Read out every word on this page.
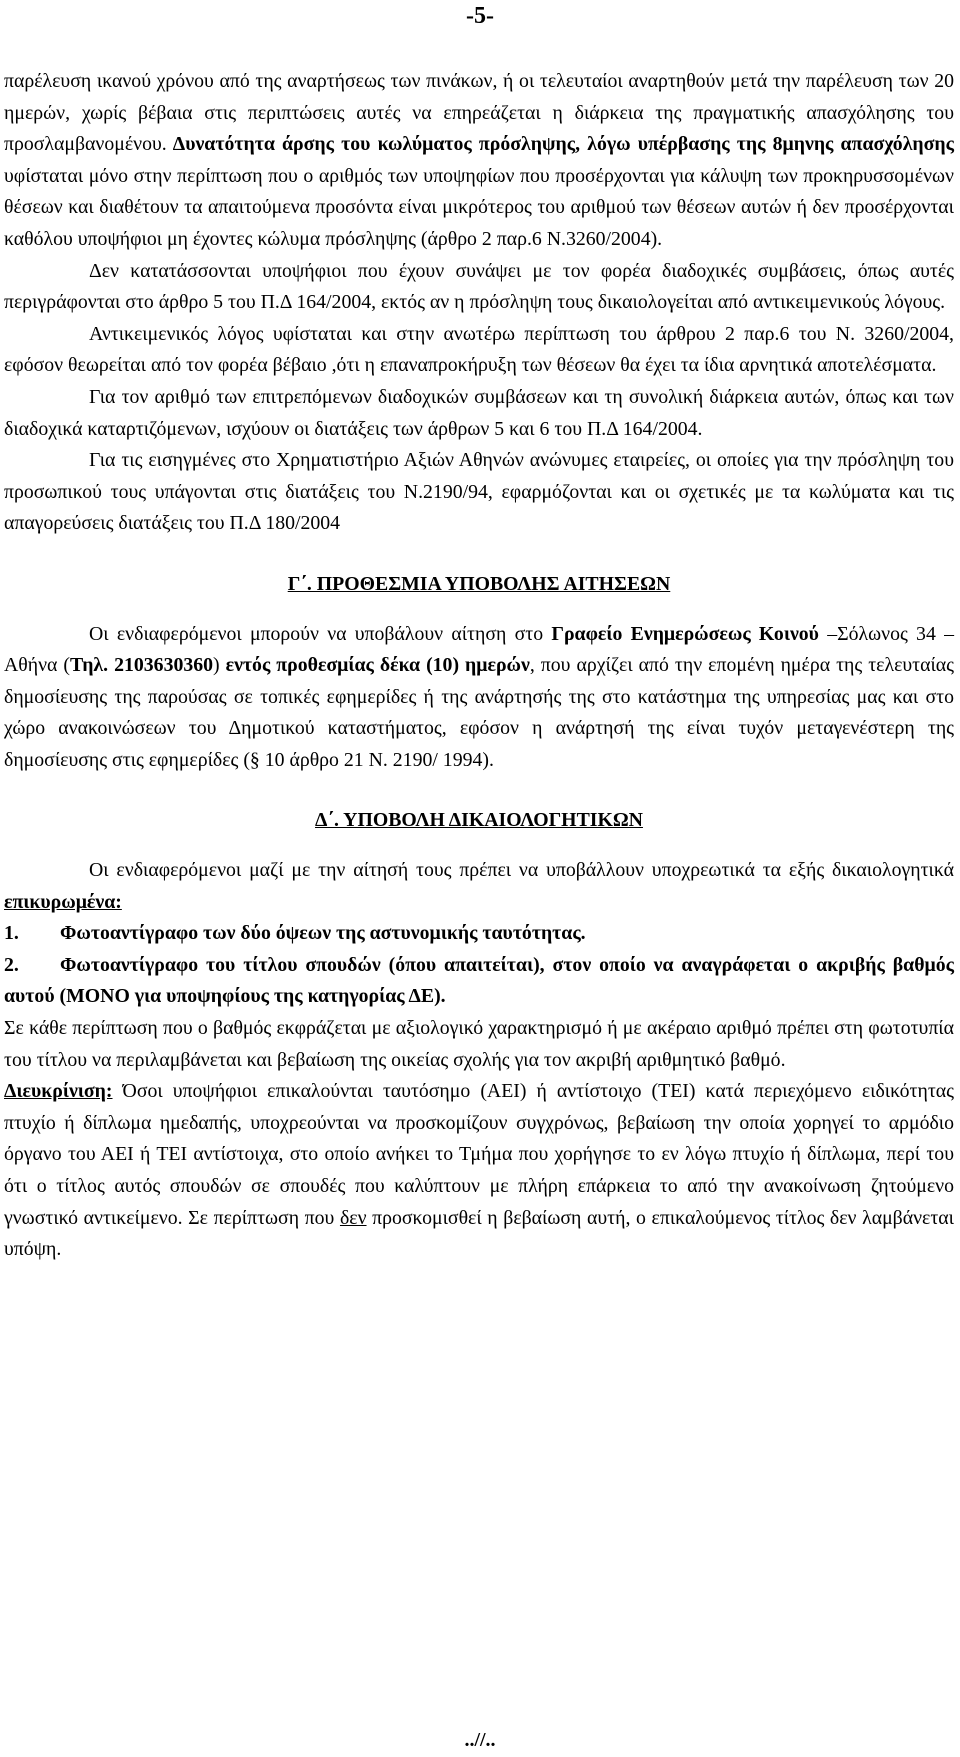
-5-

παρέλευση ικανού χρόνου από της αναρτήσεως των πινάκων, ή οι τελευταίοι αναρτηθούν μετά την παρέλευση των 20 ημερών, χωρίς βέβαια στις περιπτώσεις αυτές να επηρεάζεται η διάρκεια της πραγματικής απασχόλησης του προσλαμβανομένου. Δυνατότητα άρσης του κωλύματος πρόσληψης, λόγω υπέρβασης της 8μηνης απασχόλησης υφίσταται μόνο στην περίπτωση που ο αριθμός των υποψηφίων που προσέρχονται για κάλυψη των προκηρυσσομένων θέσεων και διαθέτουν τα απαιτούμενα προσόντα είναι μικρότερος του αριθμού των θέσεων αυτών ή δεν προσέρχονται καθόλου υποψήφιοι μη έχοντες κώλυμα πρόσληψης (άρθρο 2 παρ.6 Ν.3260/2004).

Δεν κατατάσσονται υποψήφιοι που έχουν συνάψει με τον φορέα διαδοχικές συμβάσεις, όπως αυτές περιγράφονται στο άρθρο 5 του Π.Δ 164/2004, εκτός αν η πρόσληψη τους δικαιολογείται από αντικειμενικούς λόγους.

Αντικειμενικός λόγος υφίσταται και στην ανωτέρω περίπτωση του άρθρου 2 παρ.6 του Ν. 3260/2004, εφόσον θεωρείται από τον φορέα βέβαιο ,ότι η επαναπροκήρυξη των θέσεων θα έχει τα ίδια αρνητικά αποτελέσματα.

Για τον αριθμό των επιτρεπόμενων διαδοχικών συμβάσεων και τη συνολική διάρκεια αυτών, όπως και των διαδοχικά καταρτιζόμενων, ισχύουν οι διατάξεις των άρθρων 5 και 6 του Π.Δ 164/2004.

Για τις εισηγμένες στο Χρηματιστήριο Αξιών Αθηνών ανώνυμες εταιρείες, οι οποίες για την πρόσληψη του προσωπικού τους υπάγονται στις διατάξεις του Ν.2190/94, εφαρμόζονται και οι σχετικές με τα κωλύματα και τις απαγορεύσεις διατάξεις του Π.Δ 180/2004

Γ΄. ΠΡΟΘΕΣΜΙΑ ΥΠΟΒΟΛΗΣ ΑΙΤΗΣΕΩΝ

Οι ενδιαφερόμενοι μπορούν να υποβάλουν αίτηση στο Γραφείο Ενημερώσεως Κοινού –Σόλωνος 34 –Αθήνα (Τηλ. 2103630360) εντός προθεσμίας δέκα (10) ημερών, που αρχίζει από την επομένη ημέρα της τελευταίας δημοσίευσης της παρούσας σε τοπικές εφημερίδες ή της ανάρτησής της στο κατάστημα της υπηρεσίας μας και στο χώρο ανακοινώσεων του Δημοτικού καταστήματος, εφόσον η ανάρτησή της είναι τυχόν μεταγενέστερη της δημοσίευσης στις εφημερίδες (§ 10 άρθρο 21 Ν. 2190/ 1994).

Δ΄. ΥΠΟΒΟΛΗ ΔΙΚΑΙΟΛΟΓΗΤΙΚΩΝ

Οι ενδιαφερόμενοι μαζί με την αίτησή τους πρέπει να υποβάλλουν υποχρεωτικά τα εξής δικαιολογητικά επικυρωμένα:

1. Φωτοαντίγραφο των δύο όψεων της αστυνομικής ταυτότητας.

2. Φωτοαντίγραφο του τίτλου σπουδών (όπου απαιτείται), στον οποίο να αναγράφεται ο ακριβής βαθμός αυτού (ΜΟΝΟ για υποψηφίους της κατηγορίας ΔΕ).

Σε κάθε περίπτωση που ο βαθμός εκφράζεται με αξιολογικό χαρακτηρισμό ή με ακέραιο αριθμό πρέπει στη φωτοτυπία του τίτλου να περιλαμβάνεται και βεβαίωση της οικείας σχολής για τον ακριβή αριθμητικό βαθμό.

Διευκρίνιση: Όσοι υποψήφιοι επικαλούνται ταυτόσημο (ΑΕΙ) ή αντίστοιχο (ΤΕΙ) κατά περιεχόμενο ειδικότητας πτυχίο ή δίπλωμα ημεδαπής, υποχρεούνται να προσκομίζουν συγχρόνως, βεβαίωση την οποία χορηγεί το αρμόδιο όργανο του ΑΕΙ ή ΤΕΙ αντίστοιχα, στο οποίο ανήκει το Τμήμα που χορήγησε το εν λόγω πτυχίο ή δίπλωμα, περί του ότι ο τίτλος αυτός σπουδών σε σπουδές που καλύπτουν με πλήρη επάρκεια το από την ανακοίνωση ζητούμενο γνωστικό αντικείμενο. Σε περίπτωση που δεν προσκομισθεί η βεβαίωση αυτή, ο επικαλούμενος τίτλος δεν λαμβάνεται υπόψη.

..//..
